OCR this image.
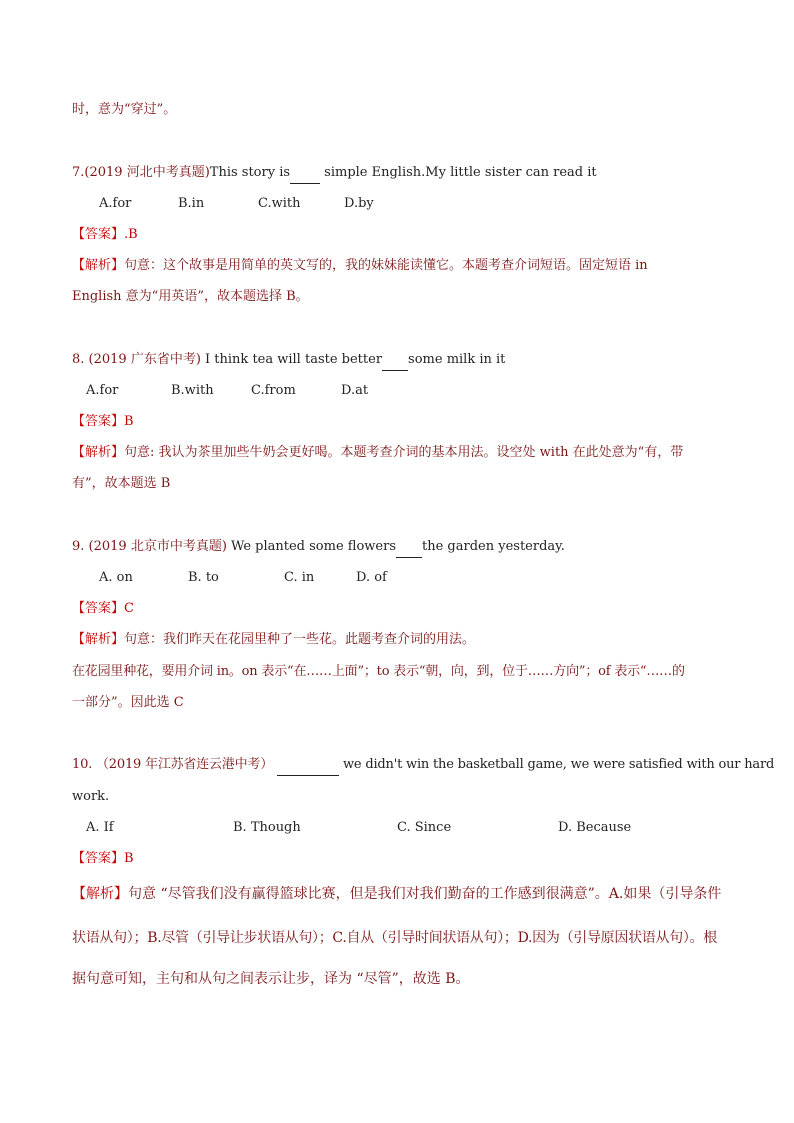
时，意为“穿过”。
7.(2019 河北中考真题)This story is  simple English.My little sister can read it
A.for	B.in	C.with	D.by
【答案】.B
【解析】句意：这个故事是用简单的英文写的，我的妹妹能读懂它。本题考查介词短语。固定短语 in
English 意为“用英语”，故本题选择 B。
8. (2019 广东省中考) I think tea will taste better some milk in it
A.for	B.with	C.from	D.at
【答案】B
【解析】句意: 我认为茶里加些牛奶会更好喝。本题考查介词的基本用法。设空处 with 在此处意为“有，带
有”，故本题选 B
9. (2019 北京市中考真题) We planted some flowers the garden yesterday.
A. on	B. to	C. in	D. of
【答案】C
【解析】句意：我们昨天在花园里种了一些花。此题考查介词的用法。
在花园里种花，要用介词 in。on 表示“在……上面”；to 表示“朝，向，到，位于……方向”；of 表示“……的
一部分”。因此选 C
10. （2019 年江苏省连云港中考）	we didn't win the basketball game, we were satisfied with our hard
work.
A. If	B. Though	C. Since	D. Because
【答案】B
【解析】句意 “尽管我们没有赢得篮球比赛，但是我们对我们勤奋的工作感到很满意”。A.如果（引导条件
状语从句）；B.尽管（引导让步状语从句）；C.自从（引导时间状语从句）；D.因为（引导原因状语从句）。根
据句意可知，主句和从句之间表示让步，译为 “尽管”，故选 B。
